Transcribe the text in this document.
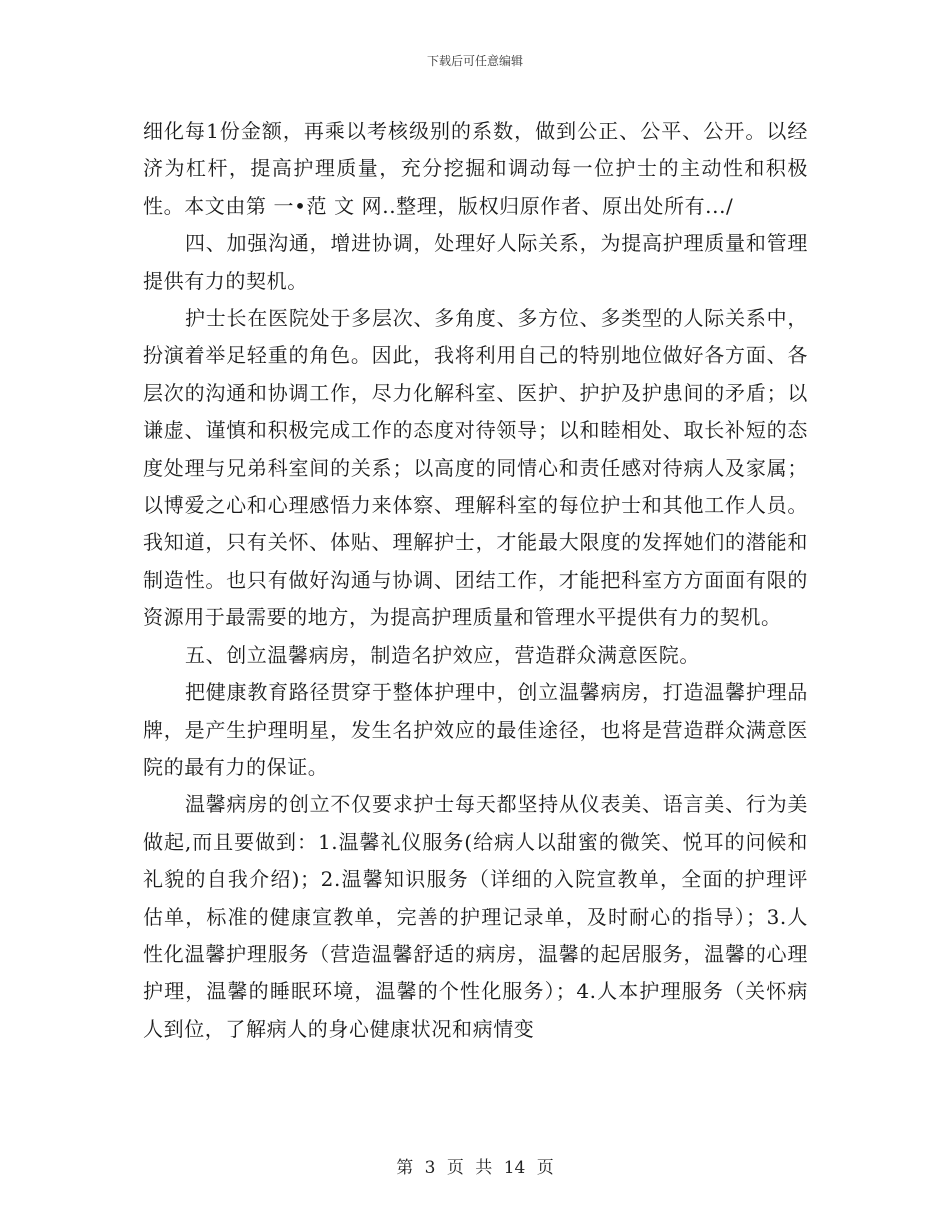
下载后可任意编辑

细化每1份金额，再乘以考核级别的系数，做到公正、公平、公开。以经济为杠杆，提高护理质量，充分挖掘和调动每一位护士的主动性和积极性。本文由第 一•范 文 网..整理，版权归原作者、原出处所有.../

四、加强沟通，增进协调，处理好人际关系，为提高护理质量和管理提供有力的契机。

护士长在医院处于多层次、多角度、多方位、多类型的人际关系中，扮演着举足轻重的角色。因此，我将利用自己的特别地位做好各方面、各层次的沟通和协调工作，尽力化解科室、医护、护护及护患间的矛盾；以谦虚、谨慎和积极完成工作的态度对待领导；以和睦相处、取长补短的态度处理与兄弟科室间的关系；以高度的同情心和责任感对待病人及家属；以博爱之心和心理感悟力来体察、理解科室的每位护士和其他工作人员。我知道，只有关怀、体贴、理解护士，才能最大限度的发挥她们的潜能和制造性。也只有做好沟通与协调、团结工作，才能把科室方方面面有限的资源用于最需要的地方，为提高护理质量和管理水平提供有力的契机。

五、创立温馨病房，制造名护效应，营造群众满意医院。

把健康教育路径贯穿于整体护理中，创立温馨病房，打造温馨护理品牌，是产生护理明星，发生名护效应的最佳途径，也将是营造群众满意医院的最有力的保证。

温馨病房的创立不仅要求护士每天都坚持从仪表美、语言美、行为美做起,而且要做到：1.温馨礼仪服务(给病人以甜蜜的微笑、悦耳的问候和礼貌的自我介绍)；2.温馨知识服务（详细的入院宣教单，全面的护理评估单，标准的健康宣教单，完善的护理记录单，及时耐心的指导）；3.人性化温馨护理服务（营造温馨舒适的病房，温馨的起居服务，温馨的心理护理，温馨的睡眠环境，温馨的个性化服务）；4.人本护理服务（关怀病人到位，了解病人的身心健康状况和病情变

第 3 页 共 14 页
